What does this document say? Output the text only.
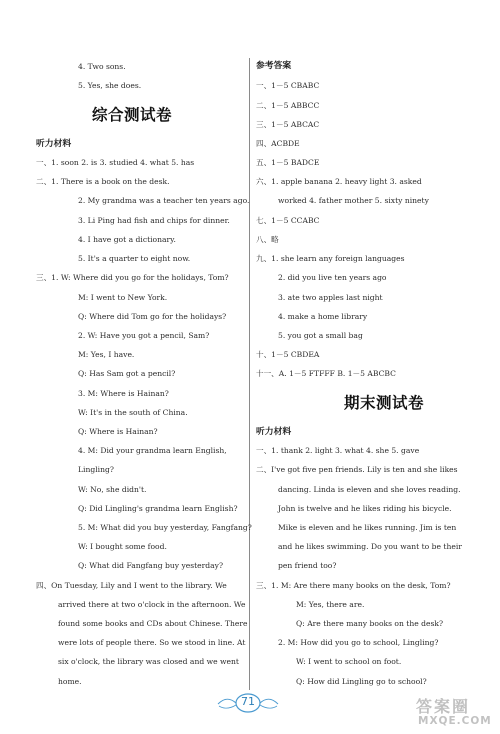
4. Two sons.
5. Yes, she does.
综合测试卷
听力材料
一、1. soon 2. is 3. studied 4. what 5. has
二、1. There is a book on the desk.
2. My grandma was a teacher ten years ago.
3. Li Ping had fish and chips for dinner.
4. I have got a dictionary.
5. It's a quarter to eight now.
三、1. W: Where did you go for the holidays, Tom?
M: I went to New York.
Q: Where did Tom go for the holidays?
2. W: Have you got a pencil, Sam?
M: Yes, I have.
Q: Has Sam got a pencil?
3. M: Where is Hainan?
W: It's in the south of China.
Q: Where is Hainan?
4. M: Did your grandma learn English,
Lingling?
W: No, she didn't.
Q: Did Lingling's grandma learn English?
5. M: What did you buy yesterday, Fangfang?
W: I bought some food.
Q: What did Fangfang buy yesterday?
四、On Tuesday, Lily and I went to the library. We
arrived there at two o'clock in the afternoon. We
found some books and CDs about Chinese. There
were lots of people there. So we stood in line. At
six o'clock, the library was closed and we went
home.
参考答案
一、1－5 CBABC
二、1－5 ABBCC
三、1－5 ABCAC
四、ACBDE
五、1－5 BADCE
六、1. apple banana 2. heavy light 3. asked
worked 4. father mother 5. sixty ninety
七、1－5 CCABC
八、略
九、1. she learn any foreign languages
2. did you live ten years ago
3. ate two apples last night
4. make a home library
5. you got a small bag
十、1－5 CBDEA
十一、A. 1－5 FTFFF B. 1－5 ABCBC
期末测试卷
听力材料
一、1. thank 2. light 3. what 4. she 5. gave
二、I've got five pen friends. Lily is ten and she likes
dancing. Linda is eleven and she loves reading.
John is twelve and he likes riding his bicycle.
Mike is eleven and he likes running. Jim is ten
and he likes swimming. Do you want to be their
pen friend too?
三、1. M: Are there many books on the desk, Tom?
M: Yes, there are.
Q: Are there many books on the desk?
2. M: How did you go to school, Lingling?
W: I went to school on foot.
Q: How did Lingling go to school?
71	答案圈
MXQE.COM
